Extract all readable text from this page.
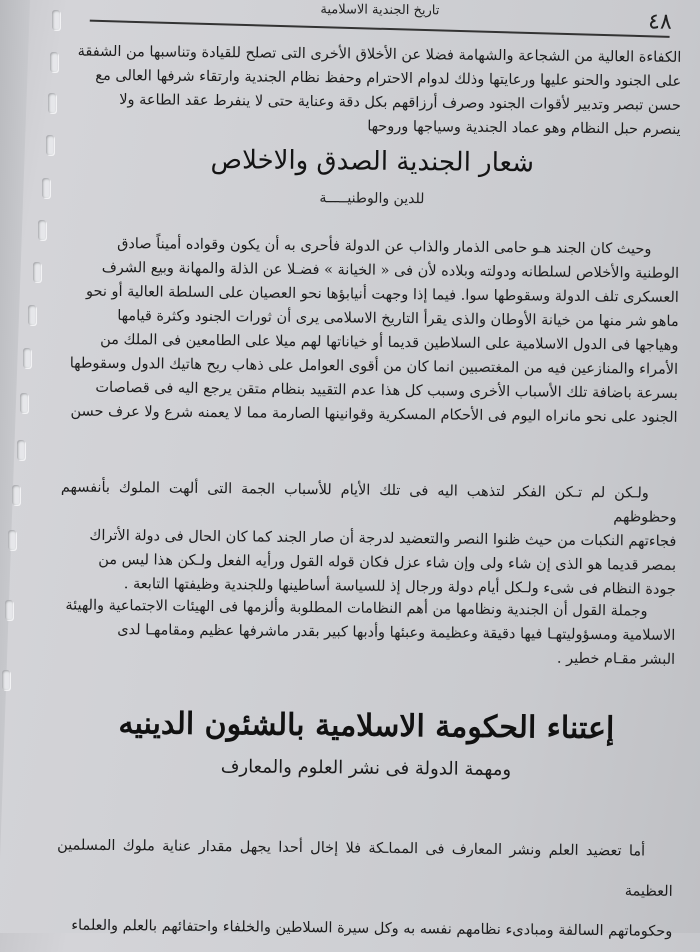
٤٨
تاريخ الجندية الاسلامية

الكفاءة العالية من الشجاعة والشهامة فضلا عن الأخلاق الأخرى التى تصلح للقيادة وتناسبها من الشفقة

على الجنود والحنو عليها ورعايتها وذلك لدوام الاحترام وحفظ نظام الجندية وارتقاء شرفها العالى مع

حسن تبصر وتدبير لأقوات الجنود وصرف أرزاقهم بكل دقة وعناية حتى لا ينفرط عقد الطاعة ولا

ينصرم حبل النظام وهو عماد الجندية وسياجها وروحها

شعار الجندية الصدق والاخلاص

للدين والوطنيـــــة

وحيث كان الجند هـو حامى الذمار والذاب عن الدولة فأحرى به أن يكون وقواده أميناً صادق

الوطنية والأخلاص لسلطانه ودولته وبلاده لأن فى « الخيانة » فضـلا عن الذلة والمهانة وبيع الشرف

العسكرى تلف الدولة وسقوطها سوا. فيما إذا وجهت أنيابؤها نحو العصيان على السلطة العالية أو نحو

ماهو شر منها من خيانة الأوطان والذى يقرأ التاريخ الاسلامى يرى أن ثورات الجنود وكثرة قيامها

وهياجها فى الدول الاسلامية على السلاطين قديما أو خياناتها لهم ميلا على الطامعين فى الملك من

الأمراء والمنازعين فيه من المغتصبين انما كان من أقوى العوامل على ذهاب ريح هاتيك الدول وسقوطها

بسرعة باضافة تلك الأسباب الأخرى وسبب كل هذا عدم التقييد بنظام متقن يرجع اليه فى قصاصات

الجنود على نحو مانراه اليوم فى الأحكام المسكرية وقوانينها الصارمة مما لا يعمنه شرع ولا عرف حسن

ولـكن لم تـكن الفكر لتذهب اليه فى تلك الأيام للأسباب الجمة التى ألهت الملوك بأنفسهم وحظوظهم

فجاءتهم النكبات من حيث ظنوا النصر والتعضيد لدرجة أن صار الجند كما كان الحال فى دولة الأتراك

بمصر قديما هو الذى إن شاء ولى وإن شاء عزل فكان قوله القول ورأيه الفعل ولـكن هذا ليس من

جودة النظام فى شىء ولـكل أيام دولة ورجال إذ للسياسة أساطينها وللجندية وظيفتها التابعة .

وجملة القول أن الجندية ونظامها من أهم النظامات المطلوبة وألزمها فى الهيئات الاجتماعية والهيئة

الاسلامية ومسؤوليتهـا فيها دقيقة وعظيمة وعبئها وأدبها كبير بقدر ماشرفها عظيم ومقامهـا لدى

البشر مقـام خطير .

إعتناء الحكومة الاسلامية بالشئون الدينيه

ومهمة الدولة فى نشر العلوم والمعارف

أما تعضيد العلم ونشر المعارف فى المماـكة فلا إخال أحدا يجهل مقدار عناية ملوك المسلمين العظيمة

وحكوماتهم السالفة ومبادىء نظامهم نفسه به وكل سيرة السلاطين والخلفاء واحتفائهم بالعلم والعلماء
